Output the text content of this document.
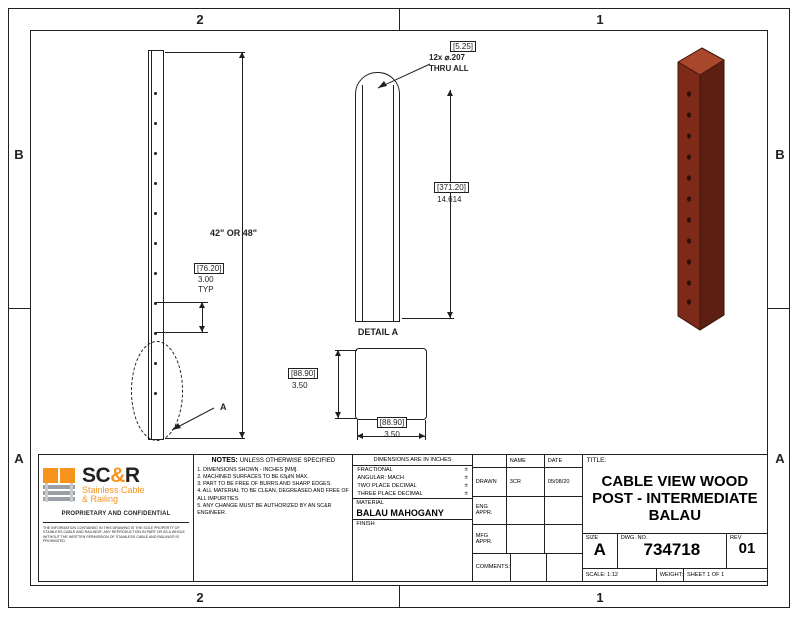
2	1
2	1
B
A
B
A
A
42" OR 48"
[76.20]
3.00
TYP
DETAIL A
[5.25]
12x ⌀.207
THRU ALL
[371.20]
14.614
[88.90]
3.50
[88.90]
3.50
SC&R
Stainless Cable
& Railing
PROPRIETARY AND CONFIDENTIAL
THE INFORMATION CONTAINED IN THIS DRAWING IS THE SOLE PROPERTY OF STAINLESS CABLE AND RAILING®. ANY REPRODUCTION IN PART OR AS A WHOLE WITHOUT THE WRITTEN PERMISSION OF STAINLESS CABLE AND RAILING® IS PROHIBITED.
NOTES: UNLESS OTHERWISE SPECIFIED
1. DIMENSIONS SHOWN - INCHES [MM].
2. MACHINED SURFACES TO BE 63µIN MAX.
3. PART TO BE FREE OF BURRS AND SHARP EDGES.
4. ALL MATERIAL TO BE CLEAN, DEGREASED AND FREE OF ALL IMPURITIES.
5. ANY CHANGE MUST BE AUTHORIZED BY AN SC&R ENGINEER.
DIMENSIONS ARE IN INCHES
FRACTIONAL	±
ANGULAR: MACH	±
TWO PLACE DECIMAL	±
THREE PLACE DECIMAL	±
MATERIAL
BALAU MAHOGANY
FINISH
NAME	DATE
DRAWN	3CR	05/08/20
ENG APPR.
MFG APPR.
COMMENTS:
TITLE:
CABLE VIEW WOOD POST - INTERMEDIATE BALAU
SIZE
A
DWG. NO.
734718
REV
01
SCALE: 1:12	WEIGHT: SHEET 1 OF 1
